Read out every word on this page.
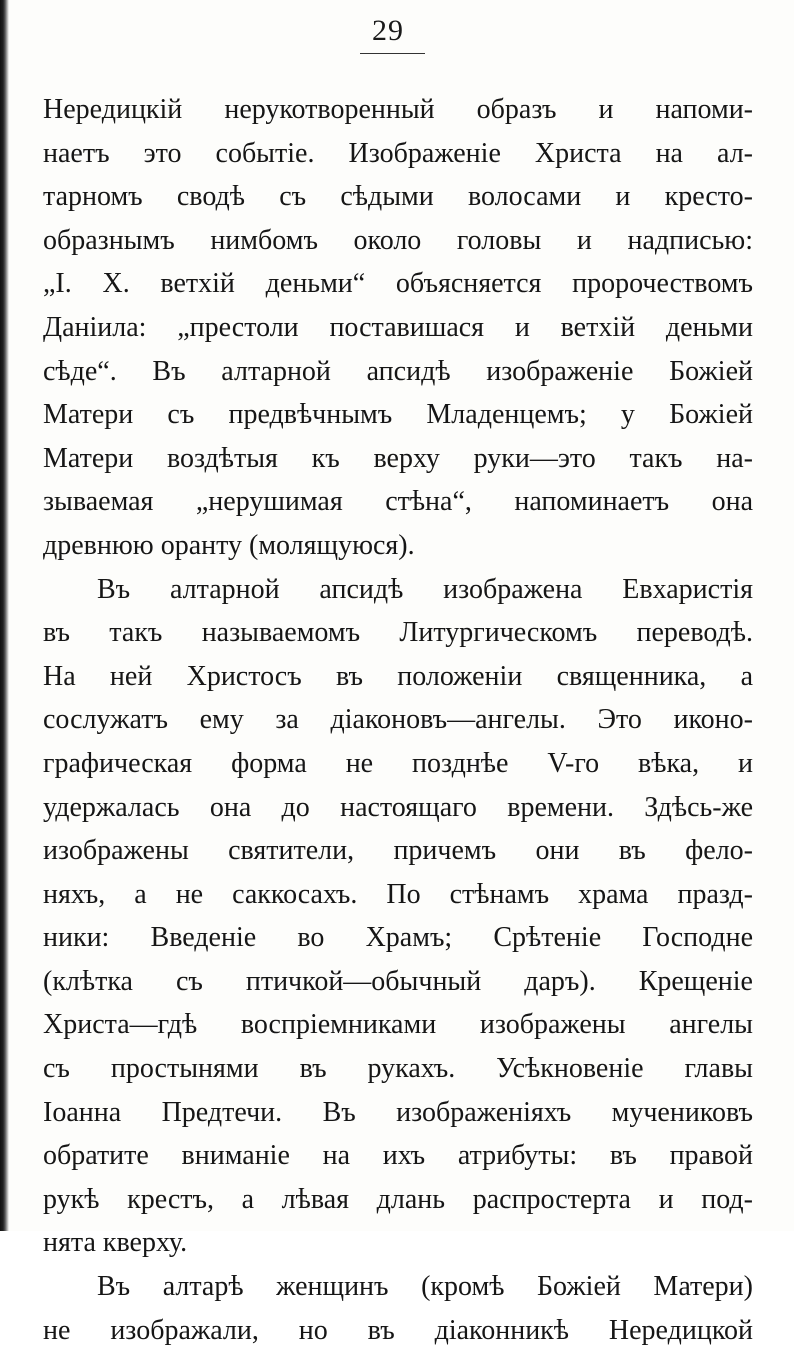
29
Нередицкій нерукотворенный образъ и напоми-
наетъ это событіе. Изображеніе Христа на ал-
тарномъ сводѣ съ сѣдыми волосами и кресто-
образнымъ нимбомъ около головы и надписью:
„І. Х. ветхій деньми“ объясняется пророчествомъ
Даніила: „престоли поставишася и ветхій деньми
сѣде“. Въ алтарной апсидѣ изображеніе Божіей
Матери съ предвѣчнымъ Младенцемъ; у Божіей
Матери воздѣтыя къ верху руки—это такъ на-
зываемая „нерушимая стѣна“, напоминаетъ она
древнюю оранту (молящуюся).
Въ алтарной апсидѣ изображена Евхаристія
въ такъ называемомъ Литургическомъ переводѣ.
На ней Христосъ въ положеніи священника, а
сослужатъ ему за діаконовъ—ангелы. Это иконо-
графическая форма не позднѣе V-го вѣка, и
удержалась она до настоящаго времени. Здѣсь-же
изображены святители, причемъ они въ фело-
няхъ, а не саккосахъ. По стѣнамъ храма празд-
ники: Введеніе во Храмъ; Срѣтеніе Господне
(клѣтка съ птичкой—обычный даръ). Крещеніе
Христа—гдѣ воспріемниками изображены ангелы
съ простынями въ рукахъ. Усѣкновеніе главы
Іоанна Предтечи. Въ изображеніяхъ мучениковъ
обратите вниманіе на ихъ атрибуты: въ правой
рукѣ крестъ, а лѣвая длань распростерта и под-
нята кверху.
Въ алтарѣ женщинъ (кромѣ Божіей Матери)
не изображали, но въ діаконникѣ Нередицкой
